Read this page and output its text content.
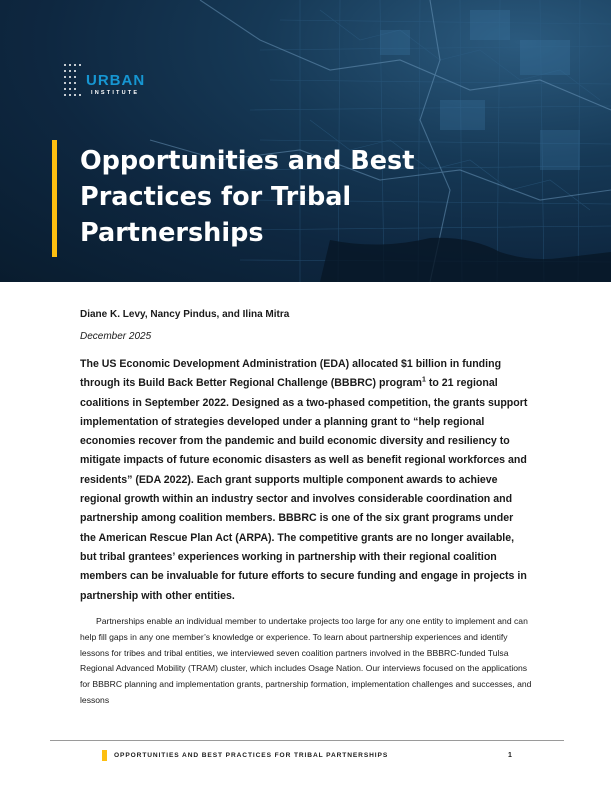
URBAN
INSTITUTE
Opportunities and Best Practices for Tribal Partnerships
Diane K. Levy, Nancy Pindus, and Ilina Mitra
December 2025

The US Economic Development Administration (EDA) allocated $1 billion in funding through its Build Back Better Regional Challenge (BBBRC) program$^1$ to 21 regional coalitions in September 2022. Designed as a two-phased competition, the grants support implementation of strategies developed under a planning grant to “help regional economies recover from the pandemic and build economic diversity and resiliency to mitigate impacts of future economic disasters as well as benefit regional workforces and residents” (EDA 2022). Each grant supports multiple component awards to achieve regional growth within an industry sector and involves considerable coordination and partnership among coalition members. BBBRC is one of the six grant programs under the American Rescue Plan Act (ARPA). The competitive grants are no longer available, but tribal grantees’ experiences working in partnership with their regional coalition members can be invaluable for future efforts to secure funding and engage in projects in partnership with other entities.

Partnerships enable an individual member to undertake projects too large for any one entity to implement and can help fill gaps in any one member’s knowledge or experience. To learn about partnership experiences and identify lessons for tribes and tribal entities, we interviewed seven coalition partners involved in the BBBRC-funded Tulsa Regional Advanced Mobility (TRAM) cluster, which includes Osage Nation. Our interviews focused on the applications for BBBRC planning and implementation grants, partnership formation, implementation challenges and successes, and lessons

OPPORTUNITIES AND BEST PRACTICES FOR TRIBAL PARTNERSHIPS	1
